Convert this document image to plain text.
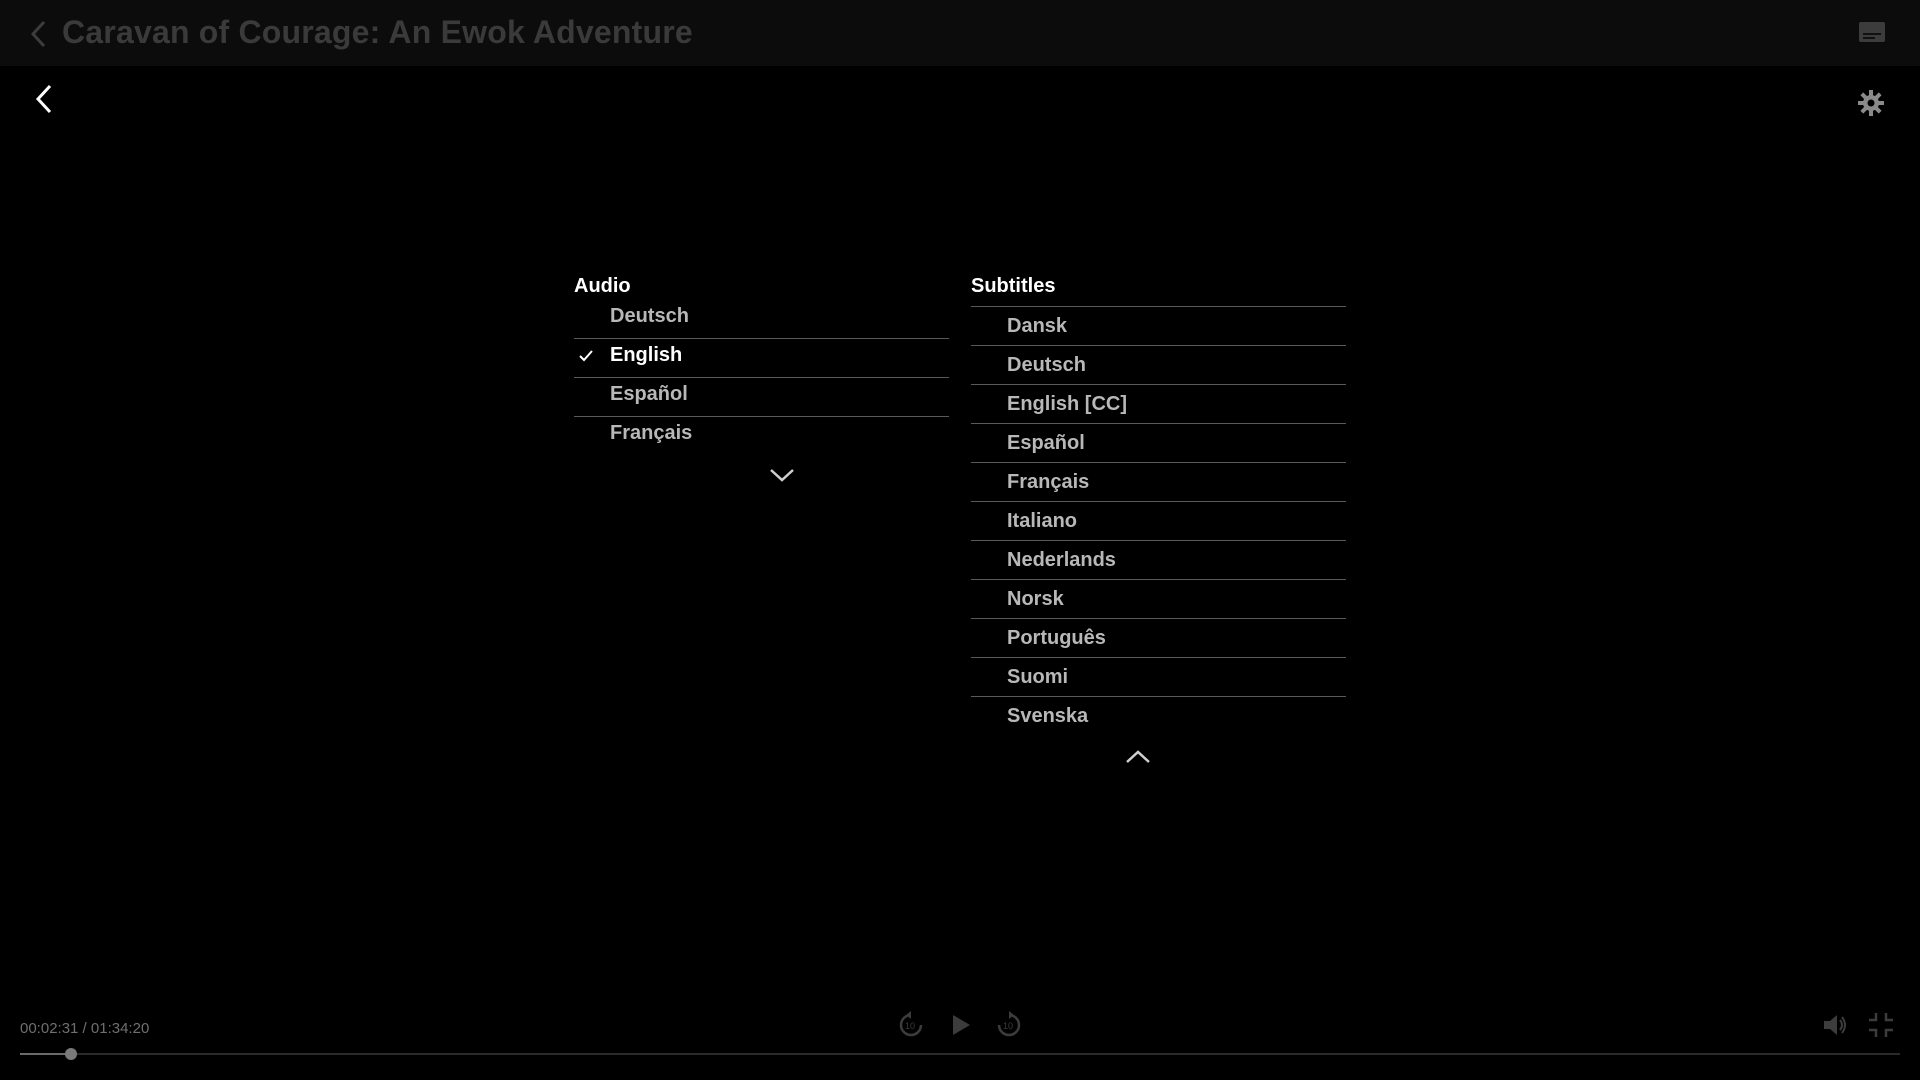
Caravan of Courage: An Ewok Adventure
Audio
Deutsch
English
Español
Français
Subtitles
Dansk
Deutsch
English [CC]
Español
Français
Italiano
Nederlands
Norsk
Português
Suomi
Svenska
00:02:31 / 01:34:20	10	10
